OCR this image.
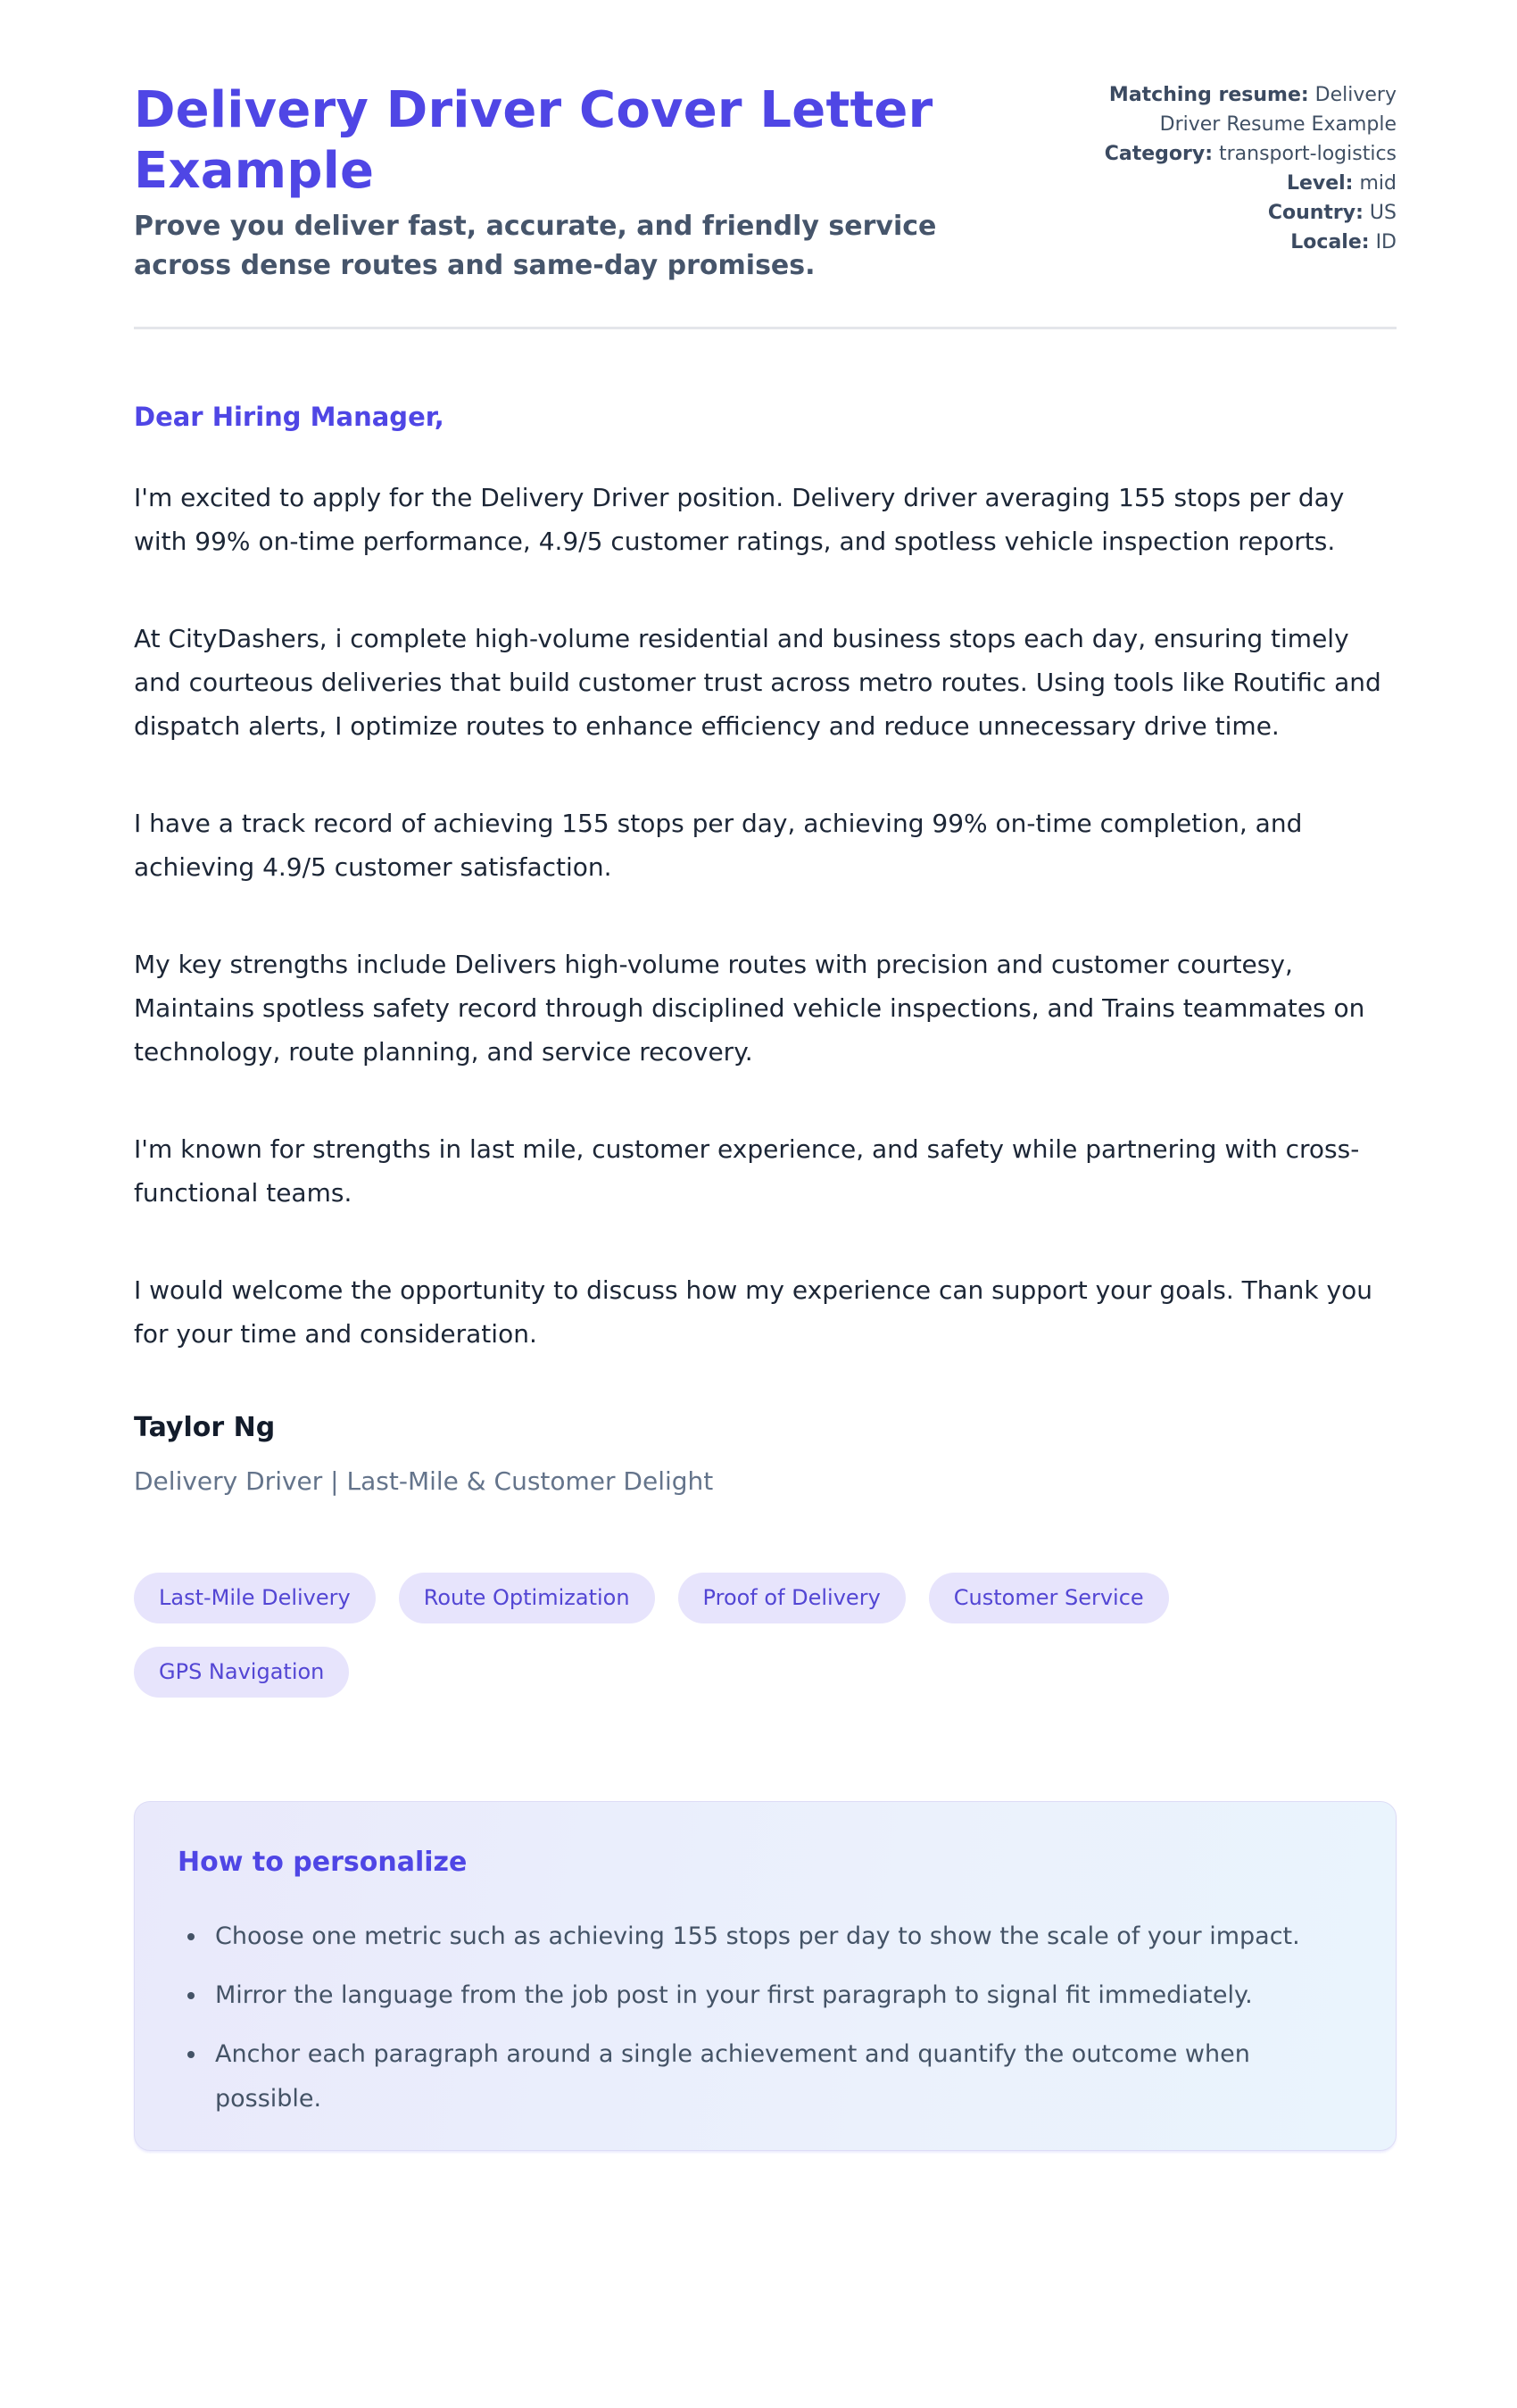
Delivery Driver Cover Letter Example

Prove you deliver fast, accurate, and friendly service across dense routes and same-day promises.

Matching resume: Delivery Driver Resume Example
Category: transport-logistics
Level: mid
Country: US
Locale: ID

Dear Hiring Manager,

I'm excited to apply for the Delivery Driver position. Delivery driver averaging 155 stops per day with 99% on-time performance, 4.9/5 customer ratings, and spotless vehicle inspection reports.

At CityDashers, i complete high-volume residential and business stops each day, ensuring timely and courteous deliveries that build customer trust across metro routes. Using tools like Routific and dispatch alerts, I optimize routes to enhance efficiency and reduce unnecessary drive time.

I have a track record of achieving 155 stops per day, achieving 99% on-time completion, and achieving 4.9/5 customer satisfaction.

My key strengths include Delivers high-volume routes with precision and customer courtesy, Maintains spotless safety record through disciplined vehicle inspections, and Trains teammates on technology, route planning, and service recovery.

I'm known for strengths in last mile, customer experience, and safety while partnering with cross-functional teams.

I would welcome the opportunity to discuss how my experience can support your goals. Thank you for your time and consideration.

Taylor Ng

Delivery Driver | Last-Mile & Customer Delight

Last-Mile Delivery	Route Optimization	Proof of Delivery	Customer Service
GPS Navigation
How to personalize
• Choose one metric such as achieving 155 stops per day to show the scale of your impact.
• Mirror the language from the job post in your first paragraph to signal fit immediately.
• Anchor each paragraph around a single achievement and quantify the outcome when possible.
